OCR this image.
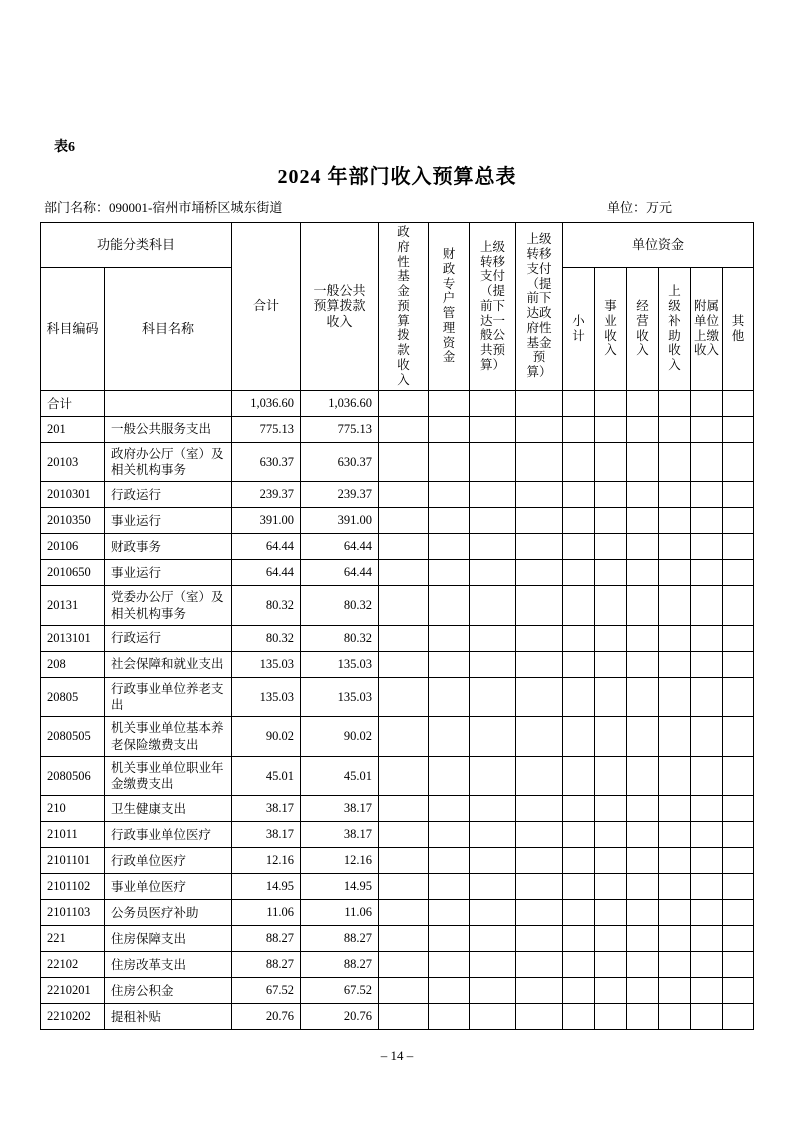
表6
2024 年部门收入预算总表
部门名称：090001-宿州市埇桥区城东街道	单位：万元
功能分类科目		合计	一般公共预算拨款收入	政府性基金预算拨款收入	财政专户管理资金	上级转移支付（提前下达一般公共预算）	上级转移支付（提前下达政府性基金预算）	单位资金					
科目编码	科目名称							小计	事业收入	经营收入	上级补助收入	附属单位上缴收入	其他
合计		1,036.60	1,036.60										
201	一般公共服务支出	775.13	775.13										
20103	政府办公厅（室）及相关机构事务	630.37	630.37										
2010301	行政运行	239.37	239.37										
2010350	事业运行	391.00	391.00										
20106	财政事务	64.44	64.44										
2010650	事业运行	64.44	64.44										
20131	党委办公厅（室）及相关机构事务	80.32	80.32										
2013101	行政运行	80.32	80.32										
208	社会保障和就业支出	135.03	135.03										
20805	行政事业单位养老支出	135.03	135.03										
2080505	机关事业单位基本养老保险缴费支出	90.02	90.02										
2080506	机关事业单位职业年金缴费支出	45.01	45.01										
210	卫生健康支出	38.17	38.17										
21011	行政事业单位医疗	38.17	38.17										
2101101	行政单位医疗	12.16	12.16										
2101102	事业单位医疗	14.95	14.95										
2101103	公务员医疗补助	11.06	11.06										
221	住房保障支出	88.27	88.27										
22102	住房改革支出	88.27	88.27										
2210201	住房公积金	67.52	67.52										
2210202	提租补贴	20.76	20.76										
– 14 –
